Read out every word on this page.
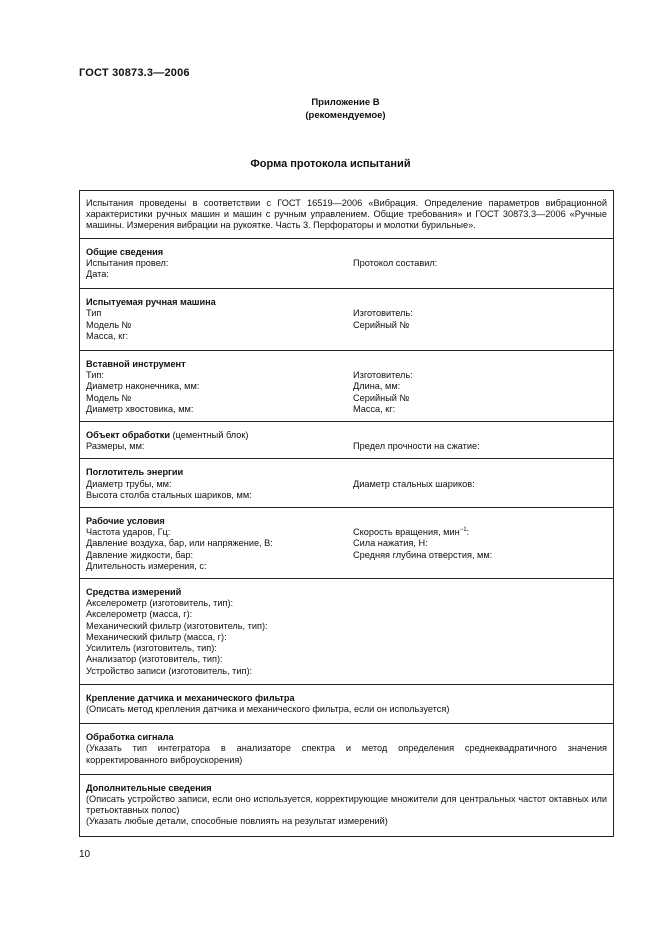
ГОСТ 30873.3—2006
Приложение В
(рекомендуемое)
Форма протокола испытаний
Испытания проведены в соответствии с ГОСТ 16519—2006 «Вибрация. Определение параметров вибрационной характеристики ручных машин и машин с ручным управлением. Общие требования» и ГОСТ 30873.3—2006 «Ручные машины. Измерения вибрации на рукоятке. Часть 3. Перфораторы и молотки бурильные».
Общие сведения
Испытания провел:
Дата:
Протокол составил:
Испытуемая ручная машина
Тип
Модель №
Масса, кг:
Изготовитель:
Серийный №
Вставной инструмент
Тип:
Диаметр наконечника, мм:
Модель №
Диаметр хвостовика, мм:
Изготовитель:
Длина, мм:
Серийный №
Масса, кг:
Объект обработки (цементный блок)
Размеры, мм:	Предел прочности на сжатие:
Поглотитель энергии
Диаметр трубы, мм:
Высота столба стальных шариков, мм:
Диаметр стальных шариков:
Рабочие условия
Частота ударов, Гц:
Давление воздуха, бар, или напряжение, В:
Давление жидкости, бар:
Длительность измерения, с:
Скорость вращения, мин$^{-1}$:
Сила нажатия, Н:
Средняя глубина отверстия, мм:
Средства измерений
Акселерометр (изготовитель, тип):
Акселерометр (масса, г):
Механический фильтр (изготовитель, тип):
Механический фильтр (масса, г):
Усилитель (изготовитель, тип):
Анализатор (изготовитель, тип):
Устройство записи (изготовитель, тип):
Крепление датчика и механического фильтра
(Описать метод крепления датчика и механического фильтра, если он используется)
Обработка сигнала
(Указать тип интегратора в анализаторе спектра и метод определения среднеквадратичного значения корректированного виброускорения)
Дополнительные сведения
(Описать устройство записи, если оно используется, корректирующие множители для центральных частот октавных или третьоктавных полос)
(Указать любые детали, способные повлиять на результат измерений)
10
